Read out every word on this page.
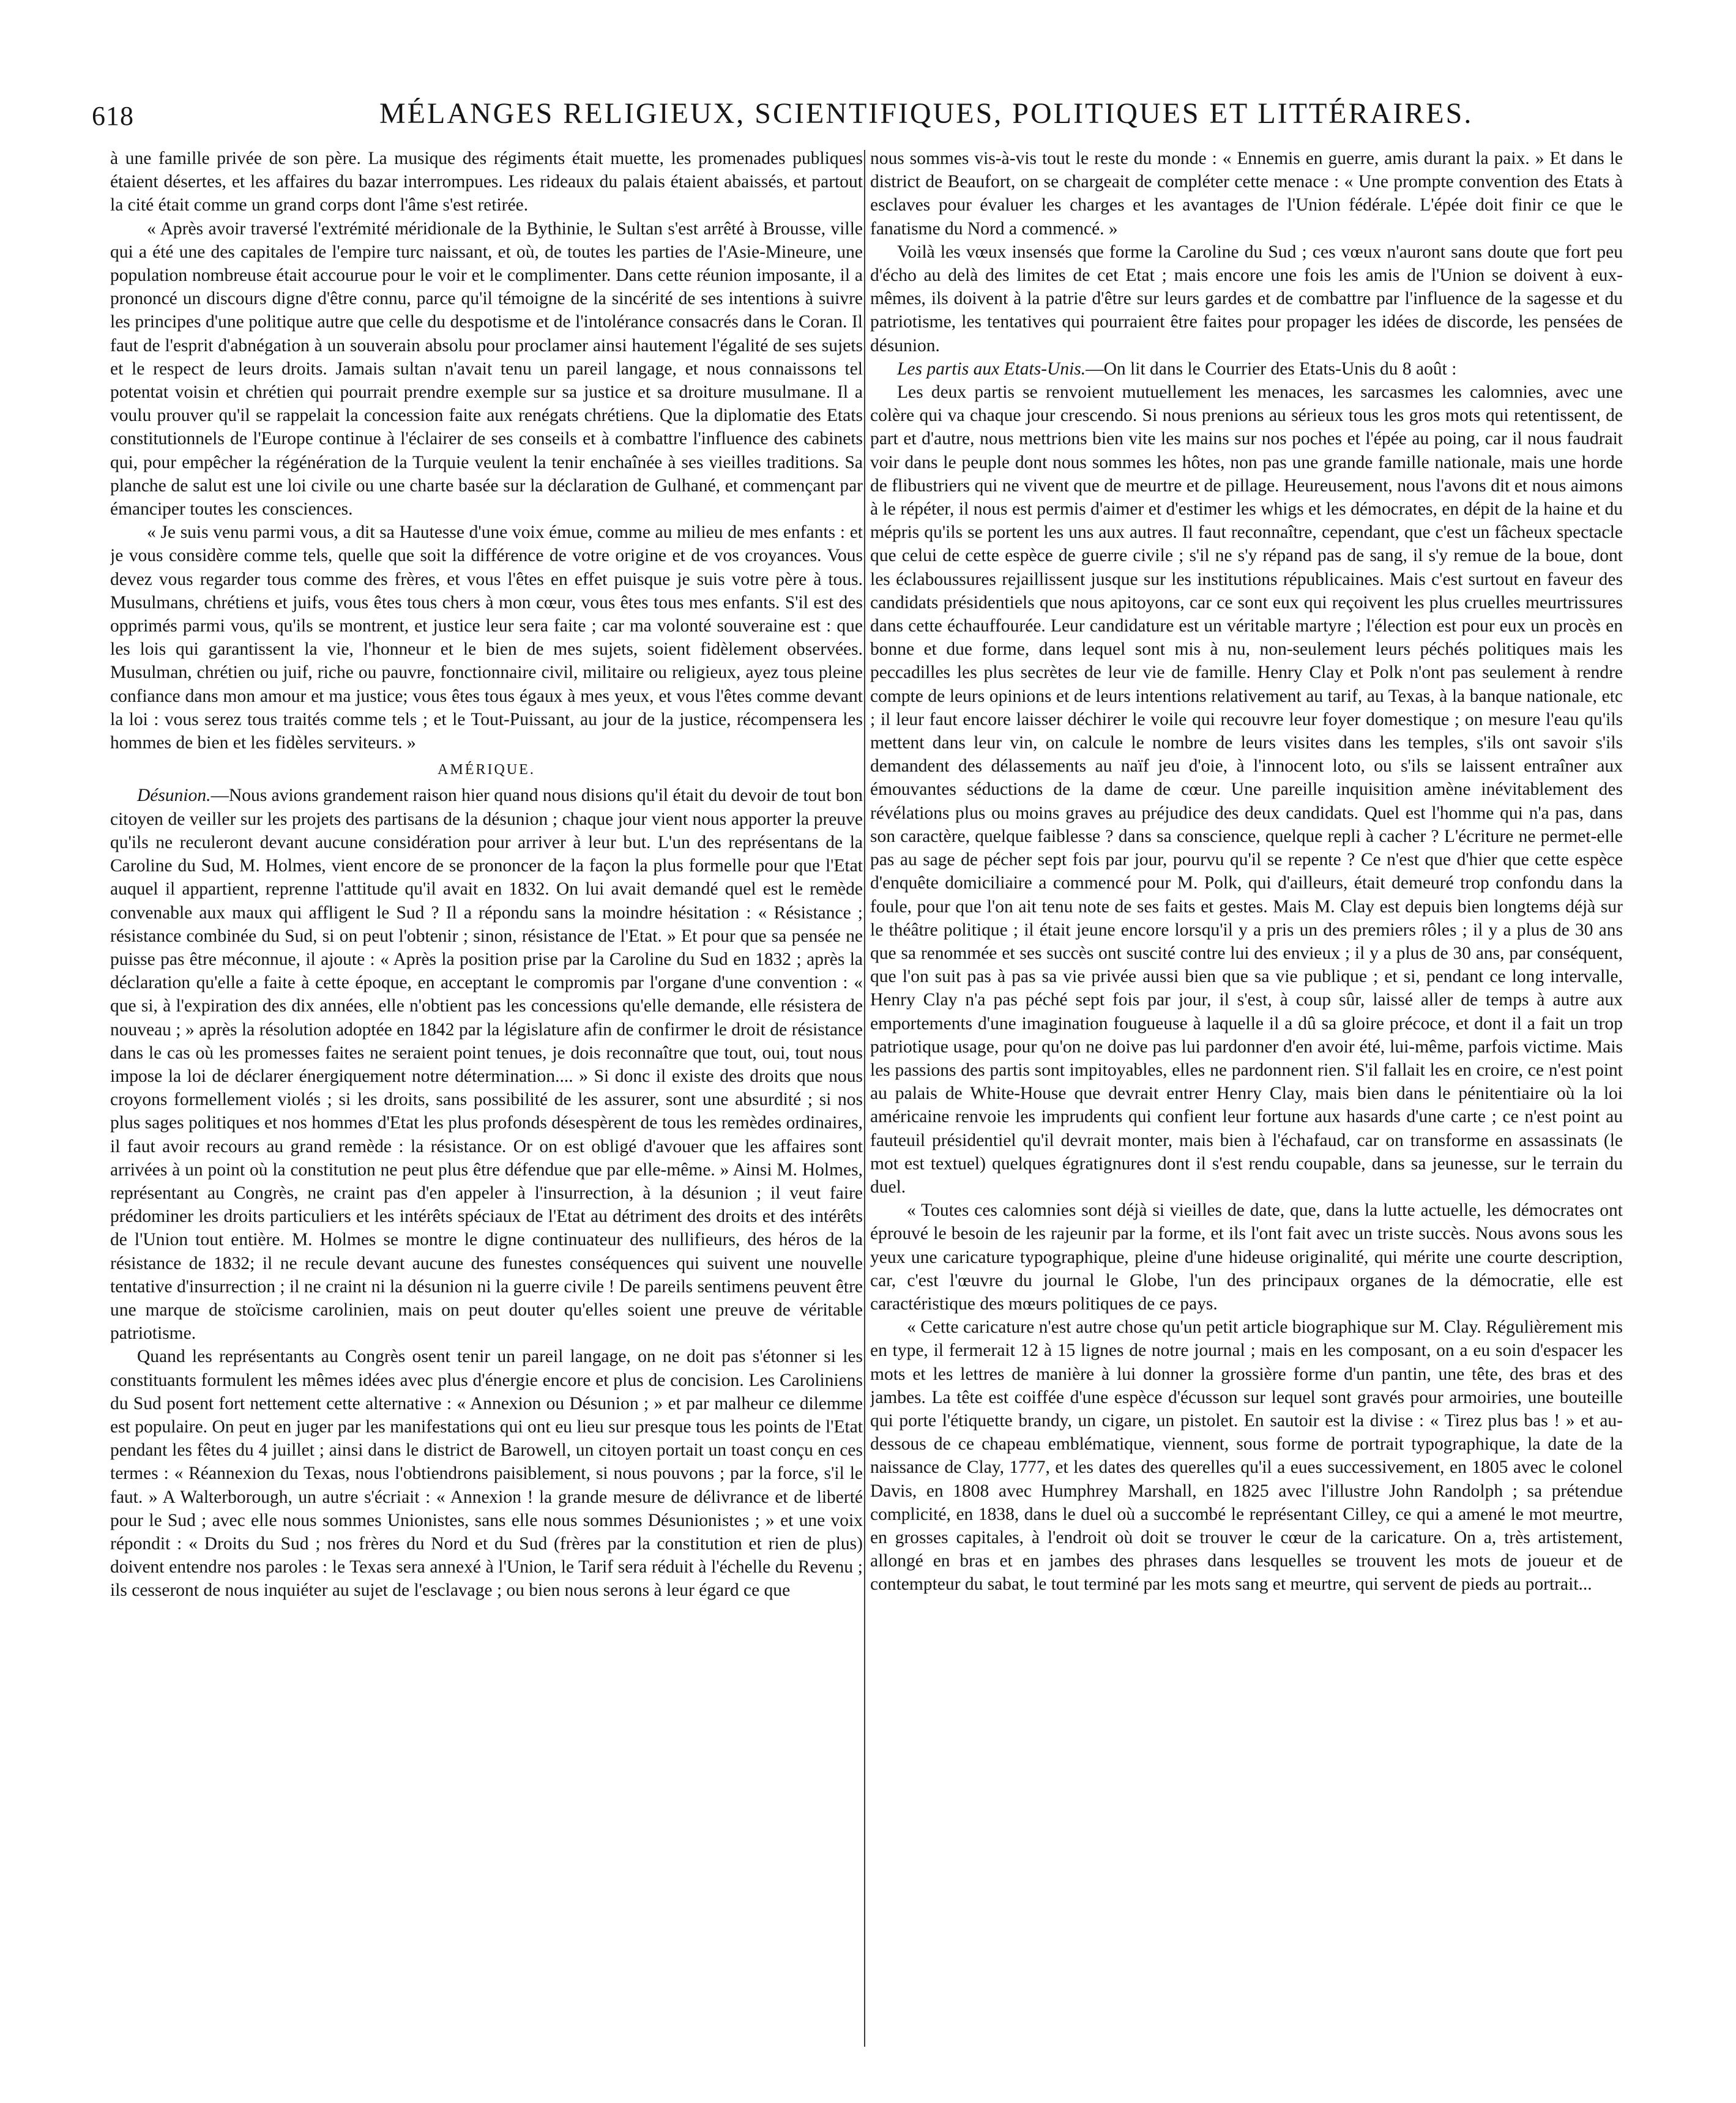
618	MÉLANGES RELIGIEUX, SCIENTIFIQUES, POLITIQUES ET LITTÉRAIRES.

à une famille privée de son père. La musique des régiments était muette, les promenades publiques étaient désertes, et les affaires du bazar interrompues. Les rideaux du palais étaient abaissés, et partout la cité était comme un grand corps dont l'âme s'est retirée.

« Après avoir traversé l'extrémité méridionale de la Bythinie, le Sultan s'est arrêté à Brousse, ville qui a été une des capitales de l'empire turc naissant, et où, de toutes les parties de l'Asie-Mineure, une population nombreuse était accourue pour le voir et le complimenter. Dans cette réunion imposante, il a prononcé un discours digne d'être connu, parce qu'il témoigne de la sincérité de ses intentions à suivre les principes d'une politique autre que celle du despotisme et de l'intolérance consacrés dans le Coran. Il faut de l'esprit d'abnégation à un souverain absolu pour proclamer ainsi hautement l'égalité de ses sujets et le respect de leurs droits. Jamais sultan n'avait tenu un pareil langage, et nous connaissons tel potentat voisin et chrétien qui pourrait prendre exemple sur sa justice et sa droiture musulmane. Il a voulu prouver qu'il se rappelait la concession faite aux renégats chrétiens. Que la diplomatie des Etats constitutionnels de l'Europe continue à l'éclairer de ses conseils et à combattre l'influence des cabinets qui, pour empêcher la régénération de la Turquie veulent la tenir enchaînée à ses vieilles traditions. Sa planche de salut est une loi civile ou une charte basée sur la déclaration de Gulhané, et commençant par émanciper toutes les consciences.

« Je suis venu parmi vous, a dit sa Hautesse d'une voix émue, comme au milieu de mes enfants : et je vous considère comme tels, quelle que soit la différence de votre origine et de vos croyances. Vous devez vous regarder tous comme des frères, et vous l'êtes en effet puisque je suis votre père à tous. Musulmans, chrétiens et juifs, vous êtes tous chers à mon cœur, vous êtes tous mes enfants. S'il est des opprimés parmi vous, qu'ils se montrent, et justice leur sera faite ; car ma volonté souveraine est : que les lois qui garantissent la vie, l'honneur et le bien de mes sujets, soient fidèlement observées. Musulman, chrétien ou juif, riche ou pauvre, fonctionnaire civil, militaire ou religieux, ayez tous pleine confiance dans mon amour et ma justice; vous êtes tous égaux à mes yeux, et vous l'êtes comme devant la loi : vous serez tous traités comme tels ; et le Tout-Puissant, au jour de la justice, récompensera les hommes de bien et les fidèles serviteurs. »

AMÉRIQUE.

Désunion.—Nous avions grandement raison hier quand nous disions qu'il était du devoir de tout bon citoyen de veiller sur les projets des partisans de la désunion ; chaque jour vient nous apporter la preuve qu'ils ne reculeront devant aucune considération pour arriver à leur but. L'un des représentans de la Caroline du Sud, M. Holmes, vient encore de se prononcer de la façon la plus formelle pour que l'Etat auquel il appartient, reprenne l'attitude qu'il avait en 1832. On lui avait demandé quel est le remède convenable aux maux qui affligent le Sud ? Il a répondu sans la moindre hésitation : « Résistance ; résistance combinée du Sud, si on peut l'obtenir ; sinon, résistance de l'Etat. » Et pour que sa pensée ne puisse pas être méconnue, il ajoute : « Après la position prise par la Caroline du Sud en 1832 ; après la déclaration qu'elle a faite à cette époque, en acceptant le compromis par l'organe d'une convention : « que si, à l'expiration des dix années, elle n'obtient pas les concessions qu'elle demande, elle résistera de nouveau ; » après la résolution adoptée en 1842 par la législature afin de confirmer le droit de résistance dans le cas où les promesses faites ne seraient point tenues, je dois reconnaître que tout, oui, tout nous impose la loi de déclarer énergiquement notre détermination.... » Si donc il existe des droits que nous croyons formellement violés ; si les droits, sans possibilité de les assurer, sont une absurdité ; si nos plus sages politiques et nos hommes d'Etat les plus profonds désespèrent de tous les remèdes ordinaires, il faut avoir recours au grand remède : la résistance. Or on est obligé d'avouer que les affaires sont arrivées à un point où la constitution ne peut plus être défendue que par elle-même. » Ainsi M. Holmes, représentant au Congrès, ne craint pas d'en appeler à l'insurrection, à la désunion ; il veut faire prédominer les droits particuliers et les intérêts spéciaux de l'Etat au détriment des droits et des intérêts de l'Union tout entière. M. Holmes se montre le digne continuateur des nullifieurs, des héros de la résistance de 1832; il ne recule devant aucune des funestes conséquences qui suivent une nouvelle tentative d'insurrection ; il ne craint ni la désunion ni la guerre civile ! De pareils sentimens peuvent être une marque de stoïcisme carolinien, mais on peut douter qu'elles soient une preuve de véritable patriotisme.

Quand les représentants au Congrès osent tenir un pareil langage, on ne doit pas s'étonner si les constituants formulent les mêmes idées avec plus d'énergie encore et plus de concision. Les Caroliniens du Sud posent fort nettement cette alternative : « Annexion ou Désunion ; » et par malheur ce dilemme est populaire. On peut en juger par les manifestations qui ont eu lieu sur presque tous les points de l'Etat pendant les fêtes du 4 juillet ; ainsi dans le district de Barowell, un citoyen portait un toast conçu en ces termes : « Réannexion du Texas, nous l'obtiendrons paisiblement, si nous pouvons ; par la force, s'il le faut. » A Walterborough, un autre s'écriait : « Annexion ! la grande mesure de délivrance et de liberté pour le Sud ; avec elle nous sommes Unionistes, sans elle nous sommes Désunionistes ; » et une voix répondit : « Droits du Sud ; nos frères du Nord et du Sud (frères par la constitution et rien de plus) doivent entendre nos paroles : le Texas sera annexé à l'Union, le Tarif sera réduit à l'échelle du Revenu ; ils cesseront de nous inquiéter au sujet de l'esclavage ; ou bien nous serons à leur égard ce que

nous sommes vis-à-vis tout le reste du monde : « Ennemis en guerre, amis durant la paix. » Et dans le district de Beaufort, on se chargeait de compléter cette menace : « Une prompte convention des Etats à esclaves pour évaluer les charges et les avantages de l'Union fédérale. L'épée doit finir ce que le fanatisme du Nord a commencé. »

Voilà les vœux insensés que forme la Caroline du Sud ; ces vœux n'auront sans doute que fort peu d'écho au delà des limites de cet Etat ; mais encore une fois les amis de l'Union se doivent à eux-mêmes, ils doivent à la patrie d'être sur leurs gardes et de combattre par l'influence de la sagesse et du patriotisme, les tentatives qui pourraient être faites pour propager les idées de discorde, les pensées de désunion.

Les partis aux Etats-Unis.—On lit dans le Courrier des Etats-Unis du 8 août :

Les deux partis se renvoient mutuellement les menaces, les sarcasmes les calomnies, avec une colère qui va chaque jour crescendo. Si nous prenions au sérieux tous les gros mots qui retentissent, de part et d'autre, nous mettrions bien vite les mains sur nos poches et l'épée au poing, car il nous faudrait voir dans le peuple dont nous sommes les hôtes, non pas une grande famille nationale, mais une horde de flibustriers qui ne vivent que de meurtre et de pillage. Heureusement, nous l'avons dit et nous aimons à le répéter, il nous est permis d'aimer et d'estimer les whigs et les démocrates, en dépit de la haine et du mépris qu'ils se portent les uns aux autres. Il faut reconnaître, cependant, que c'est un fâcheux spectacle que celui de cette espèce de guerre civile ; s'il ne s'y répand pas de sang, il s'y remue de la boue, dont les éclaboussures rejaillissent jusque sur les institutions républicaines. Mais c'est surtout en faveur des candidats présidentiels que nous apitoyons, car ce sont eux qui reçoivent les plus cruelles meurtrissures dans cette échauffourée. Leur candidature est un véritable martyre ; l'élection est pour eux un procès en bonne et due forme, dans lequel sont mis à nu, non-seulement leurs péchés politiques mais les peccadilles les plus secrètes de leur vie de famille. Henry Clay et Polk n'ont pas seulement à rendre compte de leurs opinions et de leurs intentions relativement au tarif, au Texas, à la banque nationale, etc ; il leur faut encore laisser déchirer le voile qui recouvre leur foyer domestique ; on mesure l'eau qu'ils mettent dans leur vin, on calcule le nombre de leurs visites dans les temples, s'ils ont savoir s'ils demandent des délassements au naïf jeu d'oie, à l'innocent loto, ou s'ils se laissent entraîner aux émouvantes séductions de la dame de cœur. Une pareille inquisition amène inévitablement des révélations plus ou moins graves au préjudice des deux candidats. Quel est l'homme qui n'a pas, dans son caractère, quelque faiblesse ? dans sa conscience, quelque repli à cacher ? L'écriture ne permet-elle pas au sage de pécher sept fois par jour, pourvu qu'il se repente ? Ce n'est que d'hier que cette espèce d'enquête domiciliaire a commencé pour M. Polk, qui d'ailleurs, était demeuré trop confondu dans la foule, pour que l'on ait tenu note de ses faits et gestes. Mais M. Clay est depuis bien longtems déjà sur le théâtre politique ; il était jeune encore lorsqu'il y a pris un des premiers rôles ; il y a plus de 30 ans que sa renommée et ses succès ont suscité contre lui des envieux ; il y a plus de 30 ans, par conséquent, que l'on suit pas à pas sa vie privée aussi bien que sa vie publique ; et si, pendant ce long intervalle, Henry Clay n'a pas péché sept fois par jour, il s'est, à coup sûr, laissé aller de temps à autre aux emportements d'une imagination fougueuse à laquelle il a dû sa gloire précoce, et dont il a fait un trop patriotique usage, pour qu'on ne doive pas lui pardonner d'en avoir été, lui-même, parfois victime. Mais les passions des partis sont impitoyables, elles ne pardonnent rien. S'il fallait les en croire, ce n'est point au palais de White-House que devrait entrer Henry Clay, mais bien dans le pénitentiaire où la loi américaine renvoie les imprudents qui confient leur fortune aux hasards d'une carte ; ce n'est point au fauteuil présidentiel qu'il devrait monter, mais bien à l'échafaud, car on transforme en assassinats (le mot est textuel) quelques égratignures dont il s'est rendu coupable, dans sa jeunesse, sur le terrain du duel.

« Toutes ces calomnies sont déjà si vieilles de date, que, dans la lutte actuelle, les démocrates ont éprouvé le besoin de les rajeunir par la forme, et ils l'ont fait avec un triste succès. Nous avons sous les yeux une caricature typographique, pleine d'une hideuse originalité, qui mérite une courte description, car, c'est l'œuvre du journal le Globe, l'un des principaux organes de la démocratie, elle est caractéristique des mœurs politiques de ce pays.

« Cette caricature n'est autre chose qu'un petit article biographique sur M. Clay. Régulièrement mis en type, il fermerait 12 à 15 lignes de notre journal ; mais en les composant, on a eu soin d'espacer les mots et les lettres de manière à lui donner la grossière forme d'un pantin, une tête, des bras et des jambes. La tête est coiffée d'une espèce d'écusson sur lequel sont gravés pour armoiries, une bouteille qui porte l'étiquette brandy, un cigare, un pistolet. En sautoir est la divise : « Tirez plus bas ! » et au-dessous de ce chapeau emblématique, viennent, sous forme de portrait typographique, la date de la naissance de Clay, 1777, et les dates des querelles qu'il a eues successivement, en 1805 avec le colonel Davis, en 1808 avec Humphrey Marshall, en 1825 avec l'illustre John Randolph ; sa prétendue complicité, en 1838, dans le duel où a succombé le représentant Cilley, ce qui a amené le mot meurtre, en grosses capitales, à l'endroit où doit se trouver le cœur de la caricature. On a, très artistement, allongé en bras et en jambes des phrases dans lesquelles se trouvent les mots de joueur et de contempteur du sabat, le tout terminé par les mots sang et meurtre, qui servent de pieds au portrait...
